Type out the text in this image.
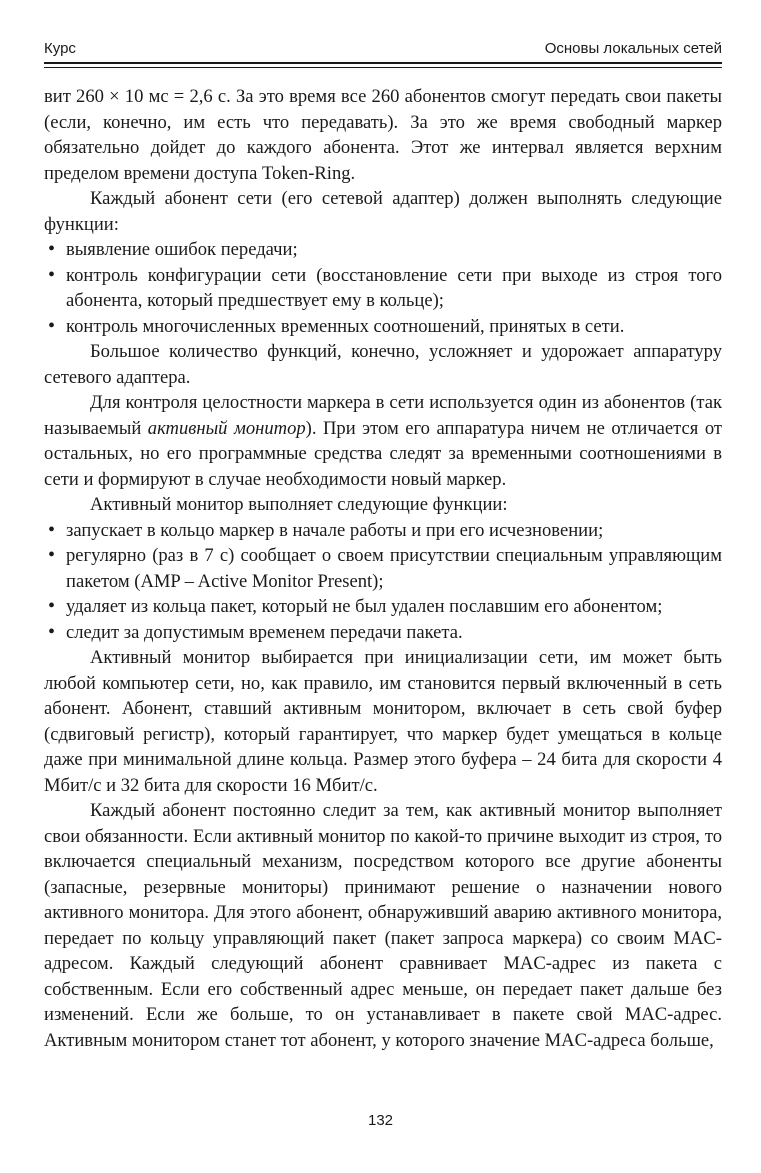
Курс	Основы локальных сетей

вит 260 × 10 мс = 2,6 с. За это время все 260 абонентов смогут передать свои пакеты (если, конечно, им есть что передавать). За это же время свободный маркер обязательно дойдет до каждого абонента. Этот же интервал является верхним пределом времени доступа Token-Ring.

Каждый абонент сети (его сетевой адаптер) должен выполнять следующие функции:

• выявление ошибок передачи;
• контроль конфигурации сети (восстановление сети при выходе из строя того абонента, который предшествует ему в кольце);
• контроль многочисленных временных соотношений, принятых в сети.

Большое количество функций, конечно, усложняет и удорожает аппаратуру сетевого адаптера.

Для контроля целостности маркера в сети используется один из абонентов (так называемый активный монитор). При этом его аппаратура ничем не отличается от остальных, но его программные средства следят за временными соотношениями в сети и формируют в случае необходимости новый маркер.

Активный монитор выполняет следующие функции:

• запускает в кольцо маркер в начале работы и при его исчезновении;
• регулярно (раз в 7 с) сообщает о своем присутствии специальным управляющим пакетом (AMP – Active Monitor Present);
• удаляет из кольца пакет, который не был удален пославшим его абонентом;
• следит за допустимым временем передачи пакета.

Активный монитор выбирается при инициализации сети, им может быть любой компьютер сети, но, как правило, им становится первый включенный в сеть абонент. Абонент, ставший активным монитором, включает в сеть свой буфер (сдвиговый регистр), который гарантирует, что маркер будет умещаться в кольце даже при минимальной длине кольца. Размер этого буфера – 24 бита для скорости 4 Мбит/с и 32 бита для скорости 16 Мбит/с.

Каждый абонент постоянно следит за тем, как активный монитор выполняет свои обязанности. Если активный монитор по какой-то причине выходит из строя, то включается специальный механизм, посредством которого все другие абоненты (запасные, резервные мониторы) принимают решение о назначении нового активного монитора. Для этого абонент, обнаруживший аварию активного монитора, передает по кольцу управляющий пакет (пакет запроса маркера) со своим MAC-адресом. Каждый следующий абонент сравнивает MAC-адрес из пакета с собственным. Если его собственный адрес меньше, он передает пакет дальше без изменений. Если же больше, то он устанавливает в пакете свой MAC-адрес. Активным монитором станет тот абонент, у которого значение MAC-адреса больше,

132
